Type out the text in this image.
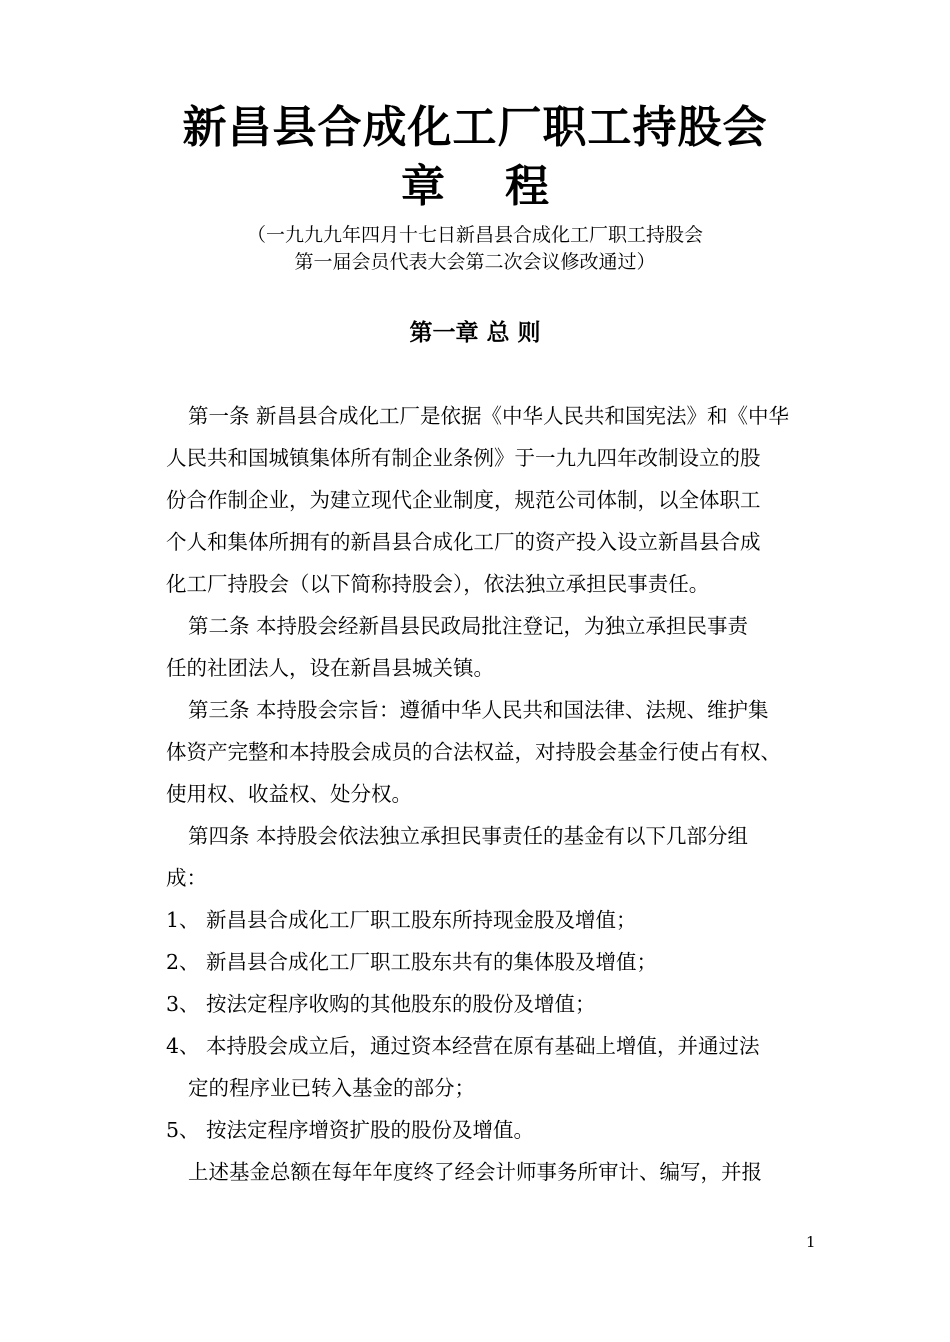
新昌县合成化工厂职工持股会
章 程
（一九九九年四月十七日新昌县合成化工厂职工持股会
第一届会员代表大会第二次会议修改通过）
第一章 总 则
第一条 新昌县合成化工厂是依据《中华人民共和国宪法》和《中华
人民共和国城镇集体所有制企业条例》于一九九四年改制设立的股
份合作制企业，为建立现代企业制度，规范公司体制，以全体职工
个人和集体所拥有的新昌县合成化工厂的资产投入设立新昌县合成
化工厂持股会（以下简称持股会），依法独立承担民事责任。
第二条 本持股会经新昌县民政局批注登记，为独立承担民事责
任的社团法人，设在新昌县城关镇。
第三条 本持股会宗旨：遵循中华人民共和国法律、法规、维护集
体资产完整和本持股会成员的合法权益，对持股会基金行使占有权、
使用权、收益权、处分权。
第四条 本持股会依法独立承担民事责任的基金有以下几部分组
成：
1、 新昌县合成化工厂职工股东所持现金股及增值；
2、 新昌县合成化工厂职工股东共有的集体股及增值；
3、 按法定程序收购的其他股东的股份及增值；
4、 本持股会成立后，通过资本经营在原有基础上增值，并通过法
定的程序业已转入基金的部分；
5、 按法定程序增资扩股的股份及增值。
上述基金总额在每年年度终了经会计师事务所审计、编写，并报
1
